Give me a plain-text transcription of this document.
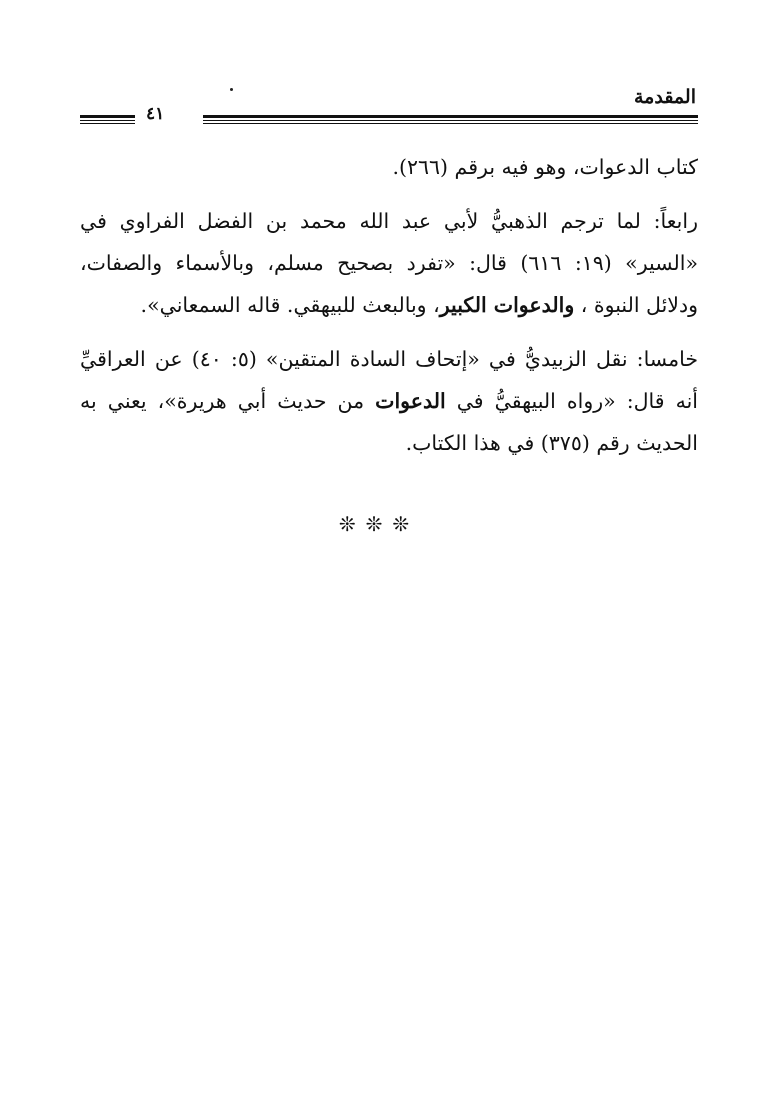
المقدمة
٤١

كتاب الدعوات، وهو فيه برقم (٢٦٦).

رابعاً: لما ترجم الذهبيُّ لأبي عبد الله محمد بن الفضل الفراوي في «السير» (١٩: ٦١٦) قال: «تفرد بصحيح مسلم، وبالأسماء والصفات، ودلائل النبوة ، والدعوات الكبير، وبالبعث للبيهقي. قاله السمعاني».

خامسا: نقل الزبيديُّ في «إتحاف السادة المتقين» (٥: ٤٠) عن العراقيِّ أنه قال: «رواه البيهقيُّ في الدعوات من حديث أبي هريرة»، يعني به الحديث رقم (٣٧٥) في هذا الكتاب.

❊❊❊
